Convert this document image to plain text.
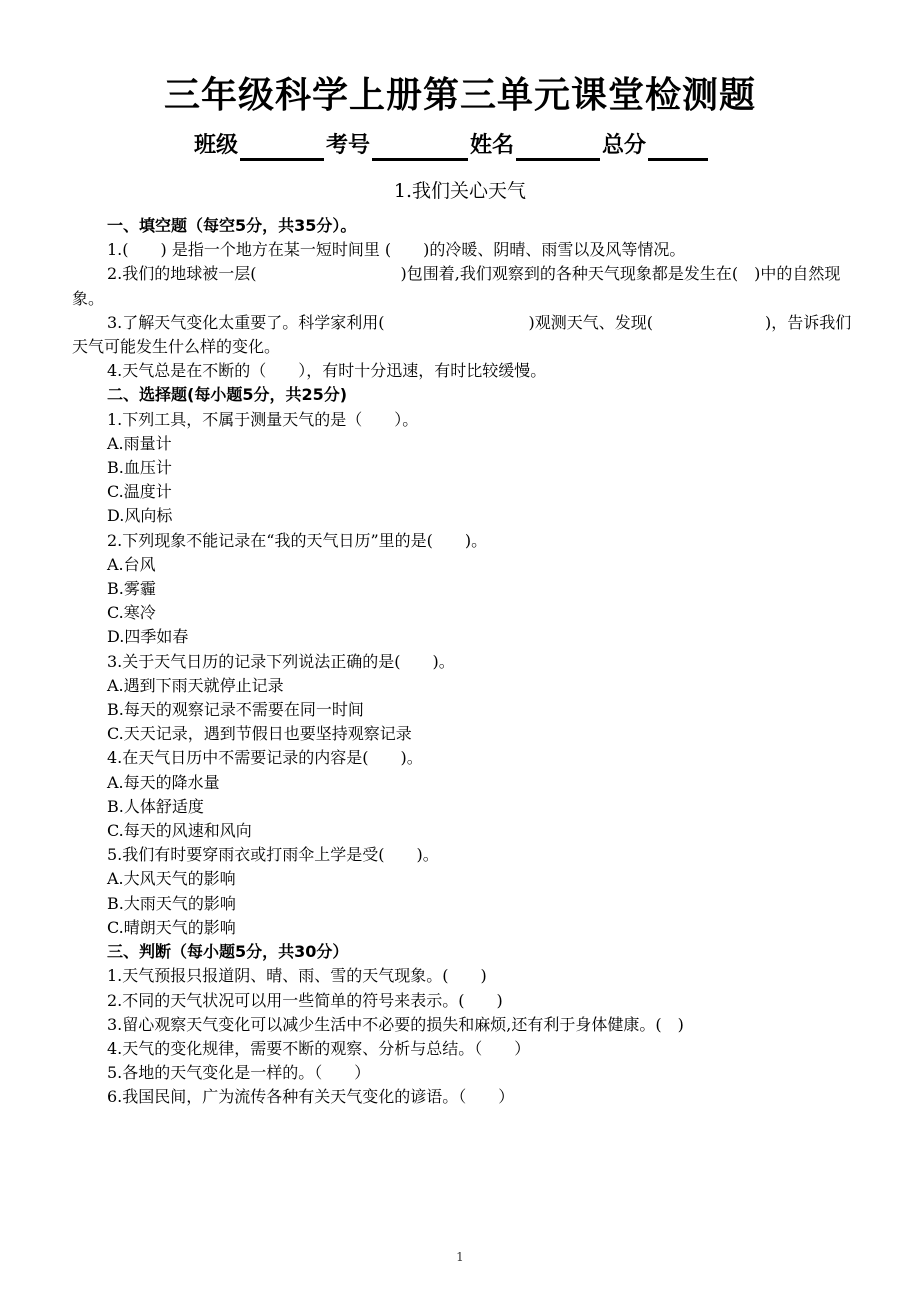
三年级科学上册第三单元课堂检测题
班级	考号	姓名	总分
1.我们关心天气
一、填空题（每空5分，共35分）。
1.(　　) 是指一个地方在某一短时间里 (　　)的冷暖、阴晴、雨雪以及风等情况。
2.我们的地球被一层(　　　　　　　　　)包围着,我们观察到的各种天气现象都是发生在(　)中的自然现象。
3.了解天气变化太重要了。科学家利用(　　　　　　　　　)观测天气、发现(　　　　　　　)，告诉我们天气可能发生什么样的变化。
4.天气总是在不断的（　　），有时十分迅速，有时比较缓慢。
二、选择题(每小题5分，共25分)
1.下列工具，不属于测量天气的是（　　）。
A.雨量计
B.血压计
C.温度计
D.风向标
2.下列现象不能记录在“我的天气日历”里的是(　　)。
A.台风
B.雾霾
C.寒冷
D.四季如春
3.关于天气日历的记录下列说法正确的是(　　)。
A.遇到下雨天就停止记录
B.每天的观察记录不需要在同一时间
C.天天记录，遇到节假日也要坚持观察记录
4.在天气日历中不需要记录的内容是(　　)。
A.每天的降水量
B.人体舒适度
C.每天的风速和风向
5.我们有时要穿雨衣或打雨伞上学是受(　　)。
A.大风天气的影响
B.大雨天气的影响
C.晴朗天气的影响
三、判断（每小题5分，共30分）
1.天气预报只报道阴、晴、雨、雪的天气现象。(　　)
2.不同的天气状况可以用一些简单的符号来表示。(　　)
3.留心观察天气变化可以减少生活中不必要的损失和麻烦,还有利于身体健康。(　)
4.天气的变化规律，需要不断的观察、分析与总结。（　　）
5.各地的天气变化是一样的。（　　）
6.我国民间，广为流传各种有关天气变化的谚语。（　　）
1
